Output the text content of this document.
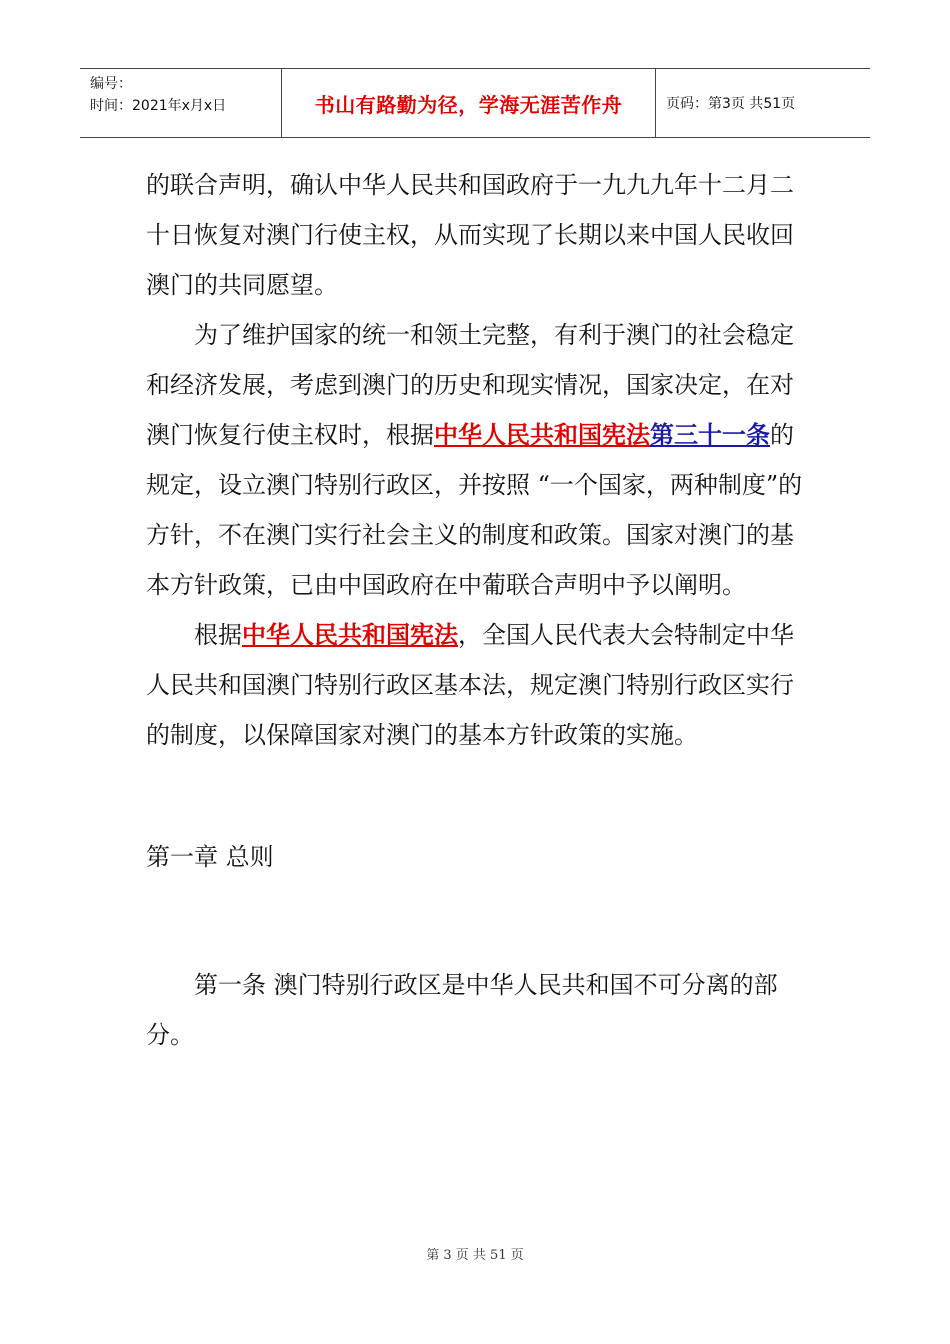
编号：
时间：2021年x月x日	书山有路勤为径，学海无涯苦作舟	页码：第3页 共51页

的联合声明，确认中华人民共和国政府于一九九九年十二月二十日恢复对澳门行使主权，从而实现了长期以来中国人民收回澳门的共同愿望。

为了维护国家的统一和领土完整，有利于澳门的社会稳定和经济发展，考虑到澳门的历史和现实情况，国家决定，在对澳门恢复行使主权时，根据中华人民共和国宪法第三十一条的规定，设立澳门特别行政区，并按照 “一个国家，两种制度”的方针，不在澳门实行社会主义的制度和政策。国家对澳门的基本方针政策，已由中国政府在中葡联合声明中予以阐明。

根据中华人民共和国宪法，全国人民代表大会特制定中华人民共和国澳门特别行政区基本法，规定澳门特别行政区实行的制度，以保障国家对澳门的基本方针政策的实施。

第一章 总则

第一条 澳门特别行政区是中华人民共和国不可分离的部分。

第 3 页 共 51 页
